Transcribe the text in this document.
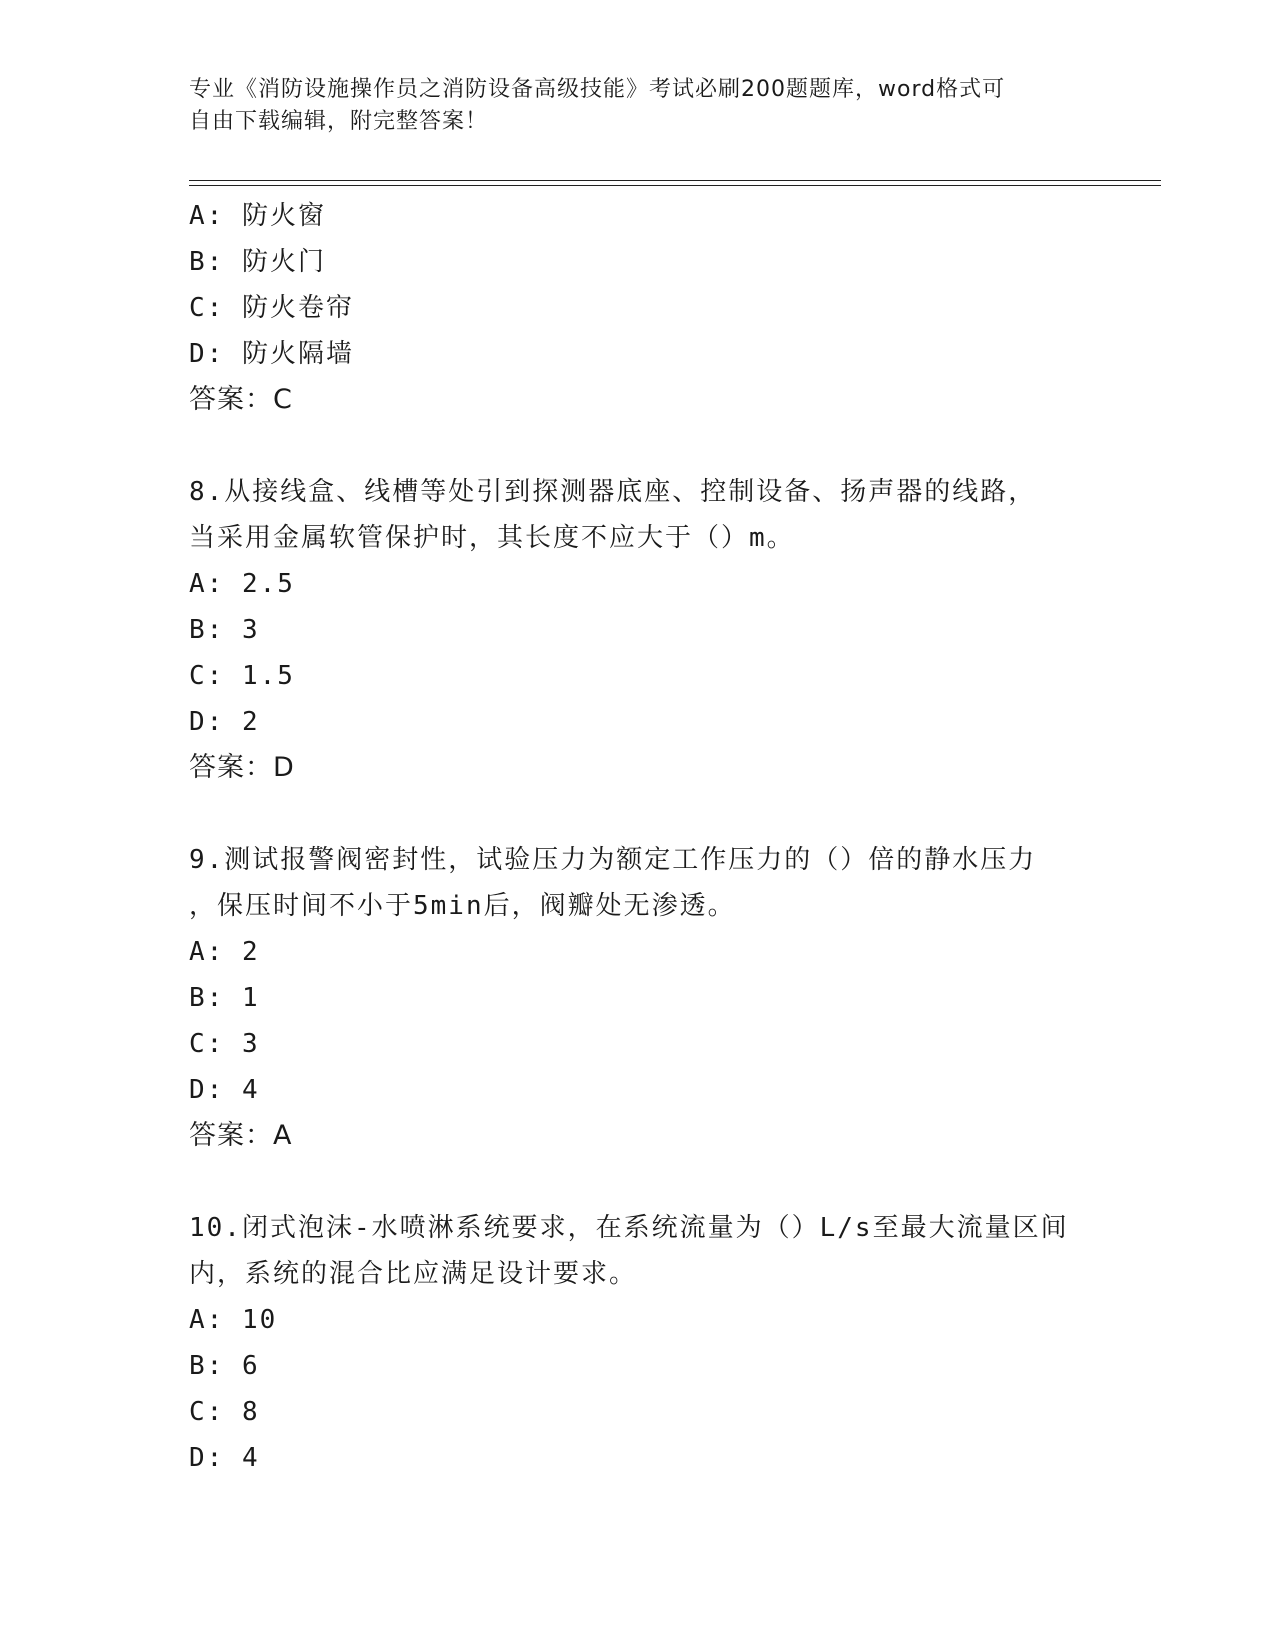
专业《消防设施操作员之消防设备高级技能》考试必刷200题题库，word格式可
自由下载编辑，附完整答案！
A: 防火窗
B: 防火门
C: 防火卷帘
D: 防火隔墙
答案：C
8.从接线盒、线槽等处引到探测器底座、控制设备、扬声器的线路，
当采用金属软管保护时，其长度不应大于（）m。
A: 2.5
B: 3
C: 1.5
D: 2
答案：D
9.测试报警阀密封性，试验压力为额定工作压力的（）倍的静水压力
，保压时间不小于5min后，阀瓣处无渗透。
A: 2
B: 1
C: 3
D: 4
答案：A
10.闭式泡沫-水喷淋系统要求，在系统流量为（）L/s至最大流量区间
内，系统的混合比应满足设计要求。
A: 10
B: 6
C: 8
D: 4
